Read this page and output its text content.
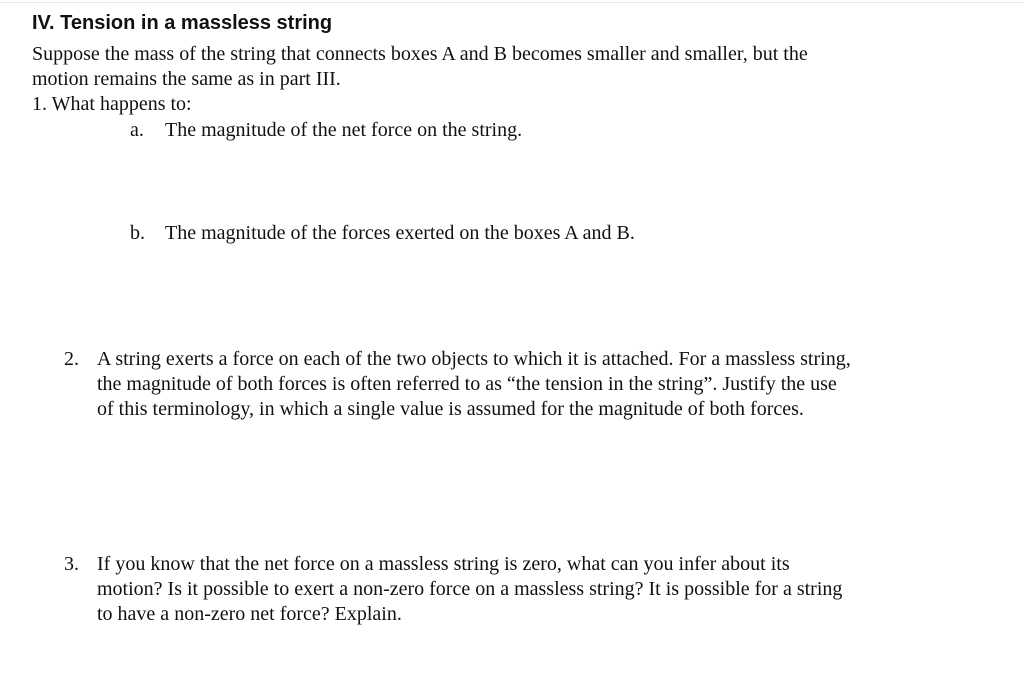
IV. Tension in a massless string

Suppose the mass of the string that connects boxes A and B becomes smaller and smaller, but the
motion remains the same as in part III.

1. What happens to:

a. The magnitude of the net force on the string.

b. The magnitude of the forces exerted on the boxes A and B.

2. A string exerts a force on each of the two objects to which it is attached. For a massless string,
the magnitude of both forces is often referred to as “the tension in the string”. Justify the use
of this terminology, in which a single value is assumed for the magnitude of both forces.
3. If you know that the net force on a massless string is zero, what can you infer about its
motion? Is it possible to exert a non-zero force on a massless string? It is possible for a string
to have a non-zero net force? Explain.
